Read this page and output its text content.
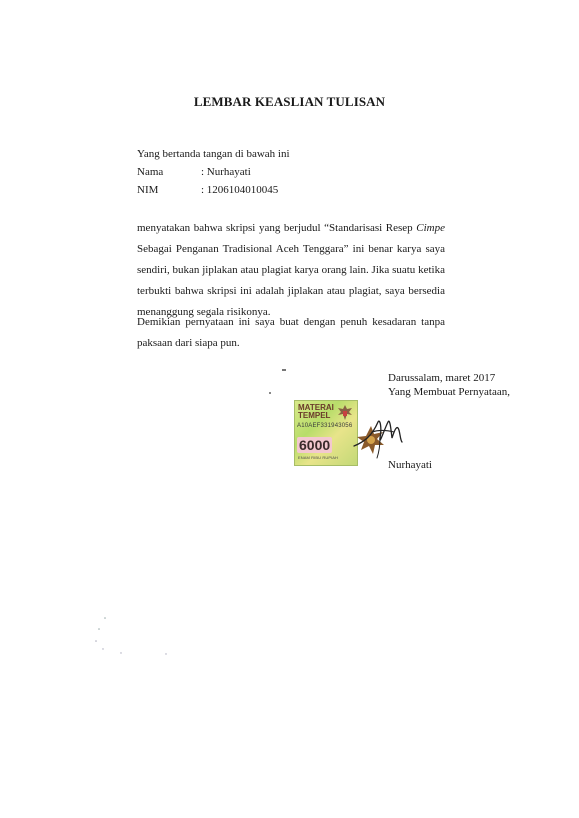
LEMBAR KEASLIAN TULISAN
Yang bertanda tangan di bawah ini
Nama	: Nurhayati
NIM	: 1206104010045
menyatakan bahwa skripsi yang berjudul “Standarisasi Resep Cimpe Sebagai Penganan Tradisional Aceh Tenggara” ini benar karya saya sendiri, bukan jiplakan atau plagiat karya orang lain. Jika suatu ketika terbukti bahwa skripsi ini adalah jiplakan atau plagiat, saya bersedia menanggung segala risikonya.
Demikian pernyataan ini saya buat dengan penuh kesadaran tanpa paksaan dari siapa pun.
Darussalam, maret 2017
Yang Membuat Pernyataan,
MATERAI
TEMPEL
A10AEF331943056
6000
ENAM RIBU RUPIAH
Nurhayati
